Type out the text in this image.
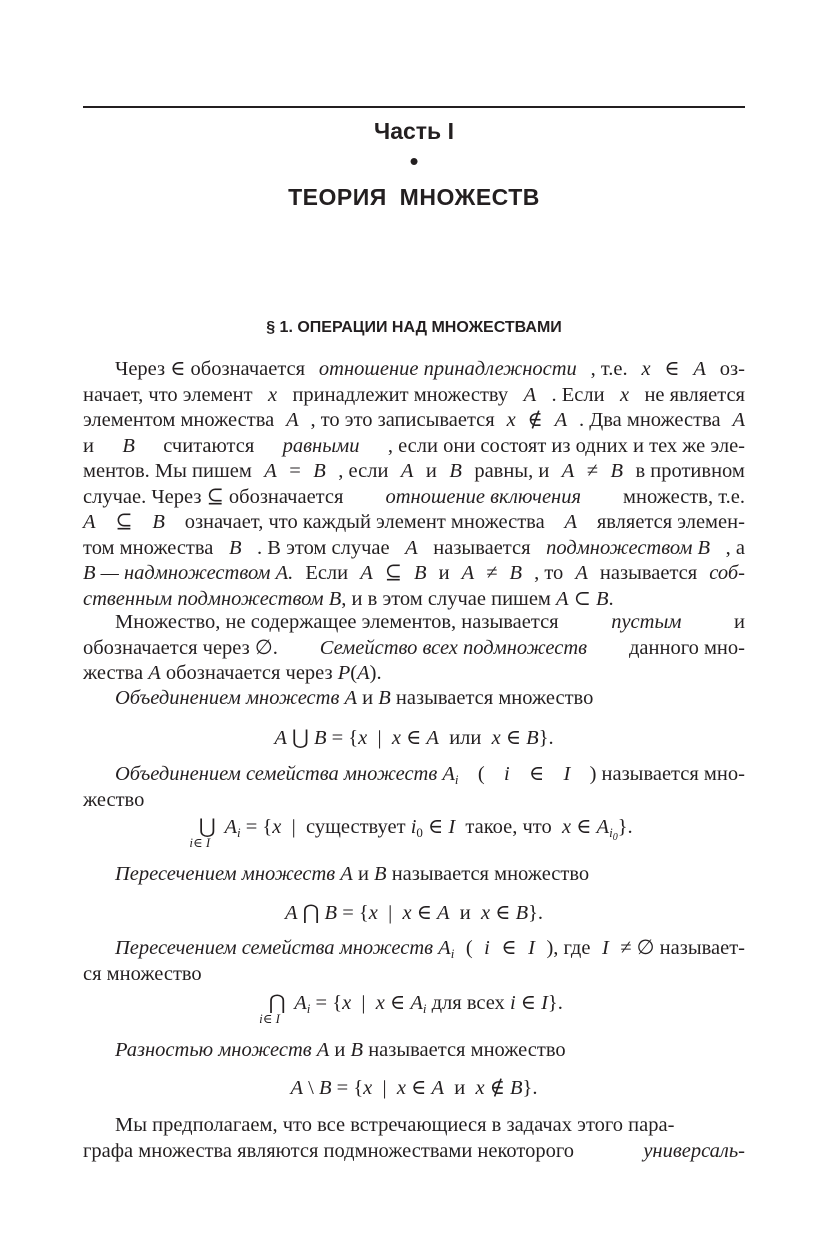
Часть I
•
ТЕОРИЯ МНОЖЕСТВ
§ 1. ОПЕРАЦИИ НАД МНОЖЕСТВАМИ
Через ∈ обозначается отношение принадлежности , т.е. x ∈ A оз-
начает, что элемент x принадлежит множеству A . Если x не является
элементом множества A , то это записывается x ∉ A . Два множества A
и B считаются равными , если они состоят из одних и тех же эле-
ментов. Мы пишем A = B , если A и B равны, и A ≠ B в противном
случае. Через ⊆ обозначается отношение включения множеств, т.е.
A ⊆ B означает, что каждый элемент множества A является элемен-
том множества B . В этом случае A называется подмножеством B , а
B — надмножеством A. Если A ⊆ B и A ≠ B , то A называется соб-
ственным подмножеством B, и в этом случае пишем A ⊂ B.
Множество, не содержащее элементов, называется	пустым	и
обозначается через ∅. Семейство всех подмножеств данного мно-
жества A обозначается через P(A).
Объединением множеств A и B называется множество
A ⋃ B = {x | x ∈ A или x ∈ B}.
Объединением семейства множеств $A_i$ ( i ∈ I ) называется мно-
жество
⋃
i∈ I
$A_i = \{x$ | существует $i_0$ ∈ I такое, что x ∈ $A_{i_0}$}.
Пересечением множеств A и B называется множество
A ⋂ B = {x | x ∈ A и x ∈ B}.
Пересечением семейства множеств $A_i$ ( i ∈ I ), где I ≠ ∅ называет-
ся множество
⋂
i∈ I
$A_i = \{x$ | x ∈ $A_i$ для всех i ∈ I}.
Разностью множеств A и B называется множество
A \ B = {x | x ∈ A и x ∉ B}.
Мы предполагаем, что все встречающиеся в задачах этого пара-
графа множества являются подмножествами некоторого	универсаль-
